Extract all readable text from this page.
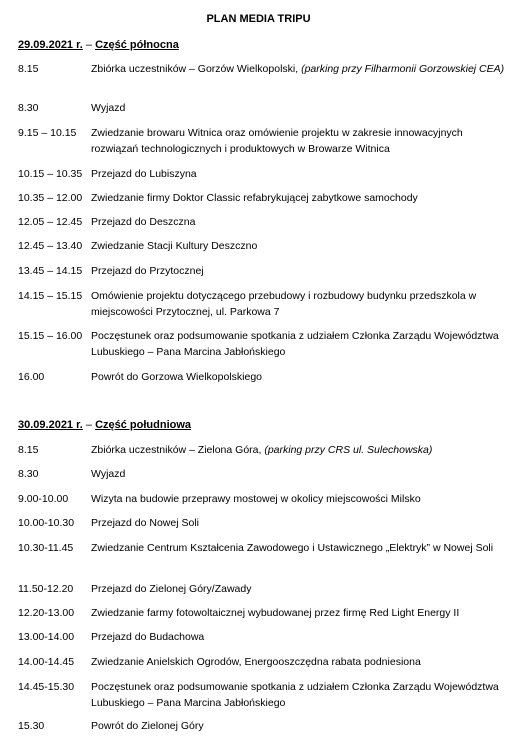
PLAN MEDIA TRIPU
29.09.2021 r. – Część północna
8.15	Zbiórka uczestników – Gorzów Wielkopolski, (parking przy Filharmonii Gorzowskiej CEA)
8.30	Wyjazd
9.15 – 10.15	Zwiedzanie browaru Witnica oraz omówienie projektu w zakresie innowacyjnych rozwiązań technologicznych i produktowych w Browarze Witnica
10.15 – 10.35 Przejazd do Lubiszyna
10.35 – 12.00 Zwiedzanie firmy Doktor Classic refabrykującej zabytkowe samochody
12.05 – 12.45 Przejazd do Deszczna
12.45 – 13.40 Zwiedzanie Stacji Kultury Deszczno
13.45 – 14.15 Przejazd do Przytocznej
14.15 – 15.15 Omówienie projektu dotyczącego przebudowy i rozbudowy budynku przedszkola w miejscowości Przytocznej, ul. Parkowa 7
15.15 – 16.00 Poczęstunek oraz podsumowanie spotkania z udziałem Członka Zarządu Województwa Lubuskiego – Pana Marcina Jabłońskiego
16.00	Powrót do Gorzowa Wielkopolskiego
30.09.2021 r. – Część południowa
8.15	Zbiórka uczestników – Zielona Góra, (parking przy CRS ul. Sulechowska)
8.30	Wyjazd
9.00-10.00	Wizyta na budowie przeprawy mostowej w okolicy miejscowości Milsko
10.00-10.30	Przejazd do Nowej Soli
10.30-11.45	Zwiedzanie Centrum Kształcenia Zawodowego i Ustawicznego „Elektryk” w Nowej Soli
11.50-12.20	Przejazd do Zielonej Góry/Zawady
12.20-13.00	Zwiedzanie farmy fotowoltaicznej wybudowanej przez firmę Red Light Energy II
13.00-14.00	Przejazd do Budachowa
14.00-14.45	Zwiedzanie Anielskich Ogrodów, Energooszczędna rabata podniesiona
14.45-15.30	Poczęstunek oraz podsumowanie spotkania z udziałem Członka Zarządu Województwa Lubuskiego – Pana Marcina Jabłońskiego
15.30	Powrót do Zielonej Góry
